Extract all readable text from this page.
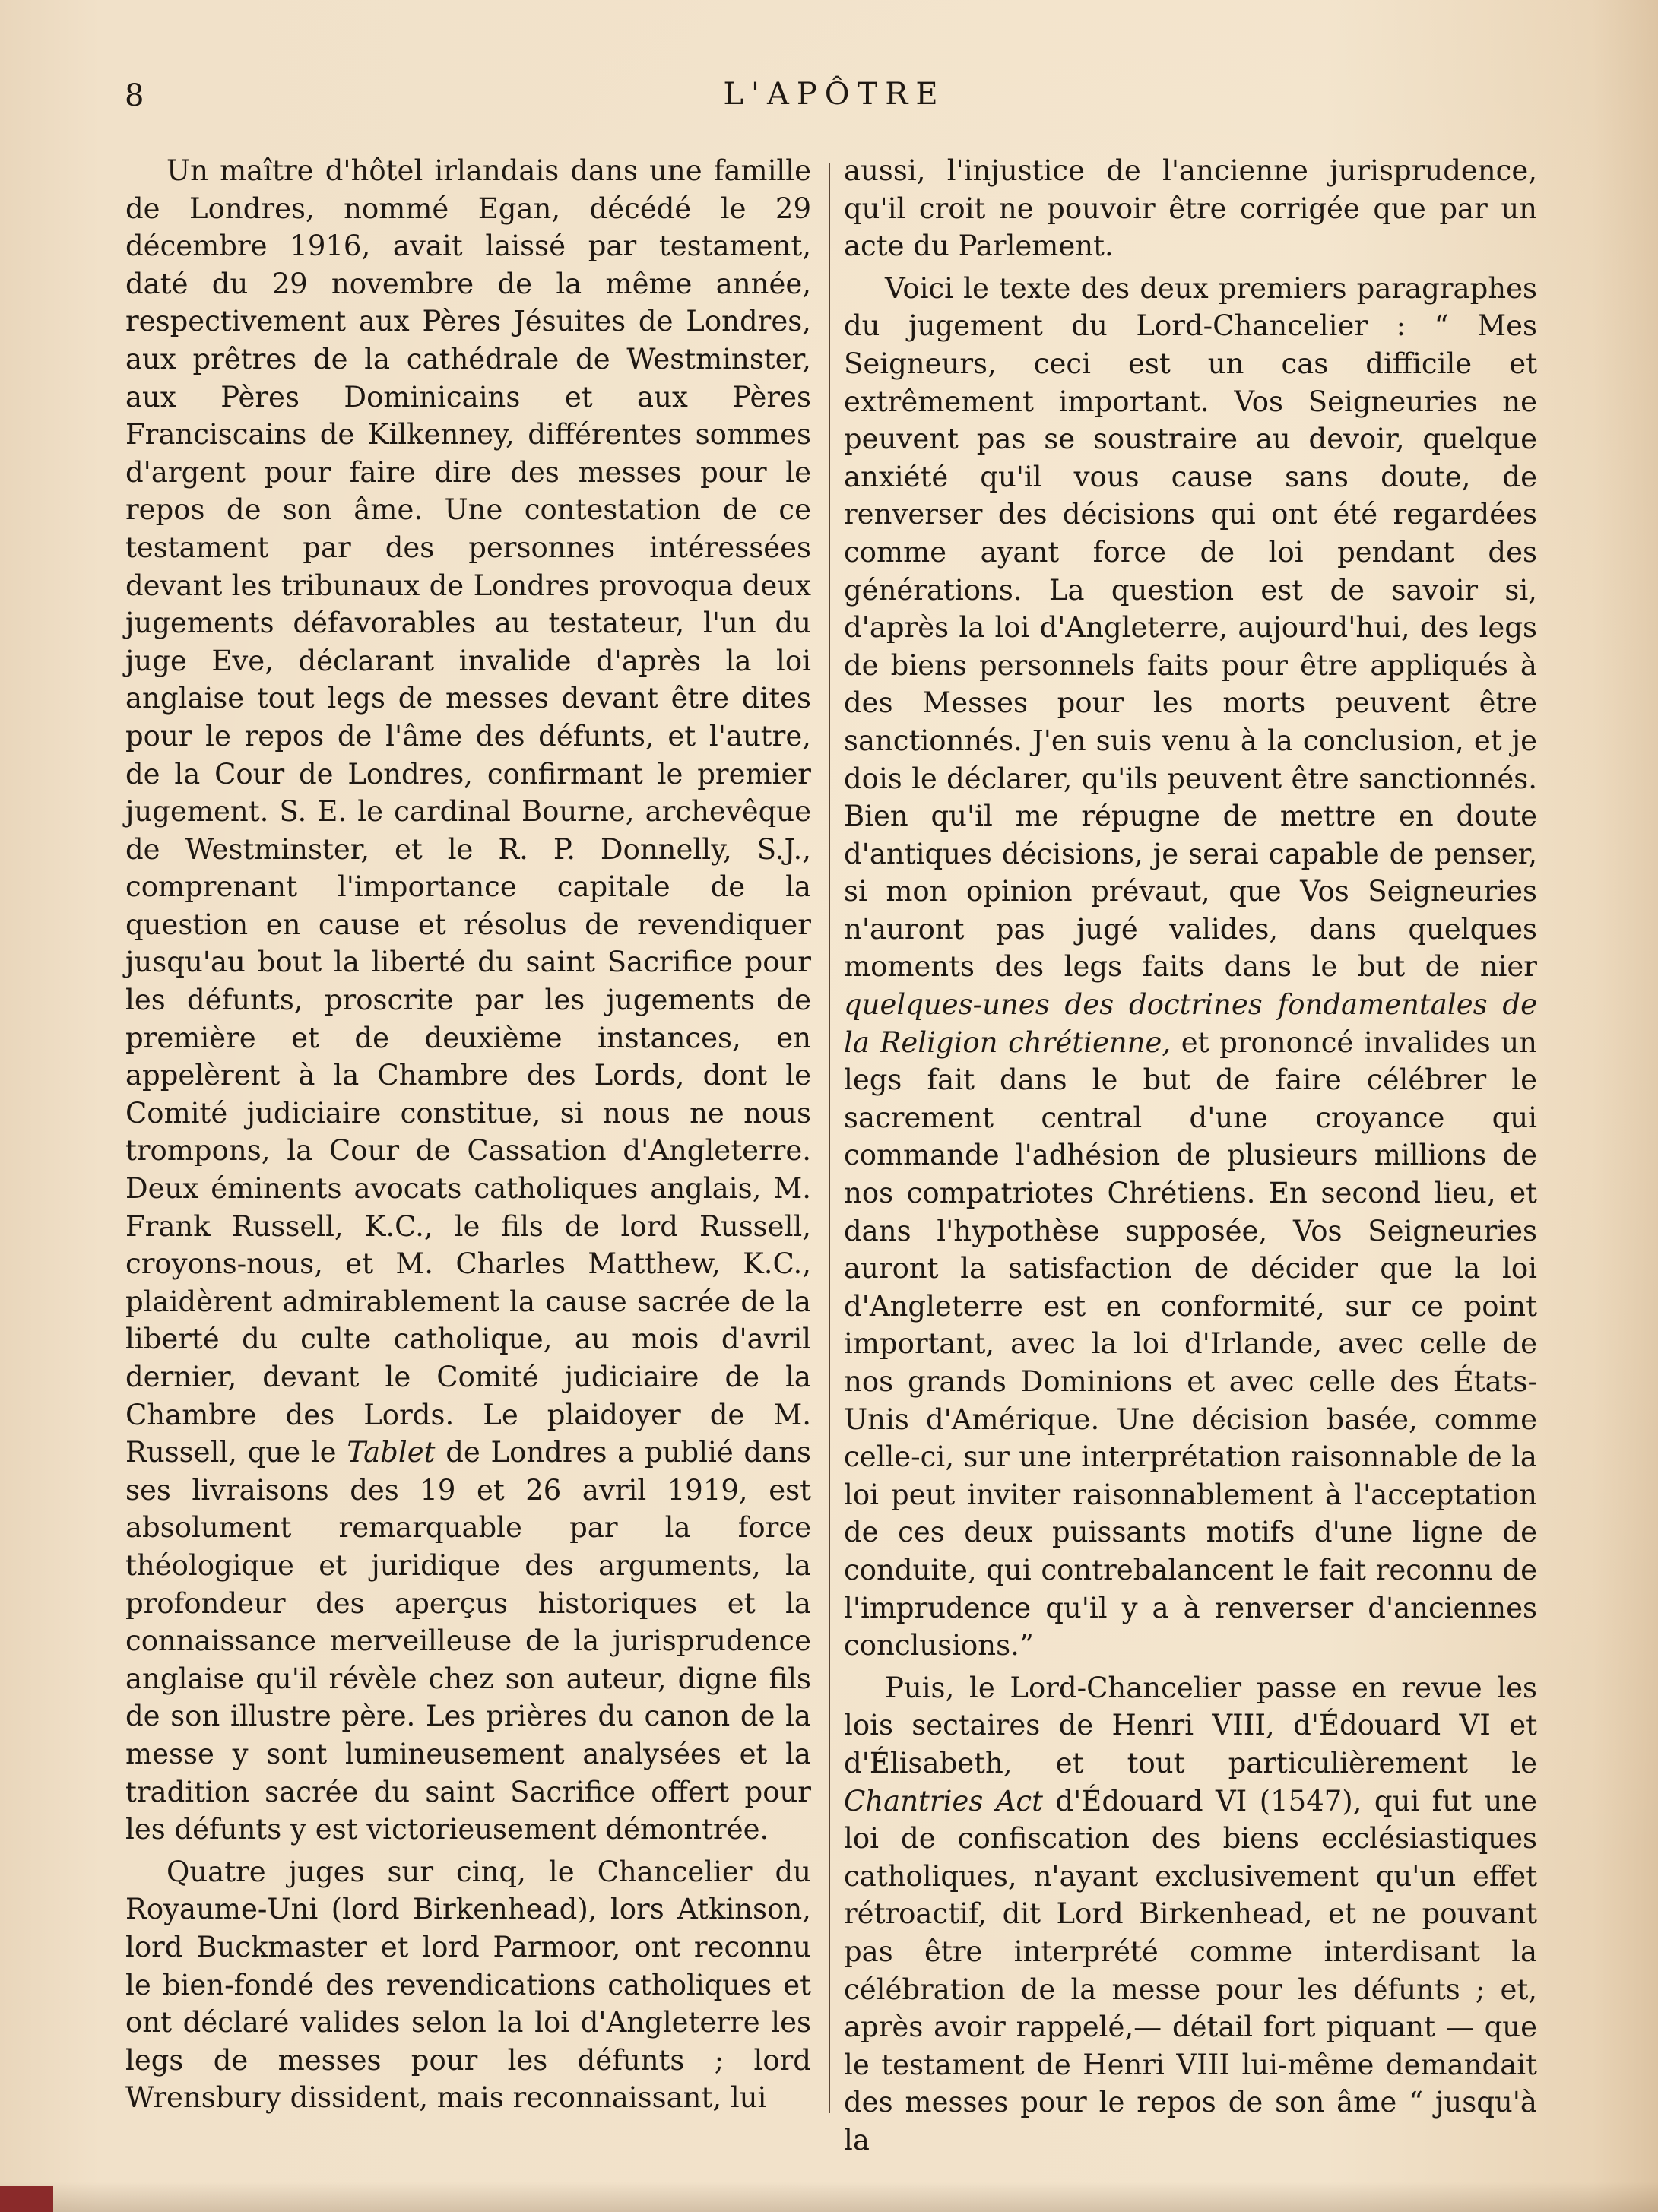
8	L'APÔTRE

Un maître d'hôtel irlandais dans une famille de Londres, nommé Egan, décédé le 29 décembre 1916, avait laissé par testament, daté du 29 novembre de la même année, respectivement aux Pères Jésuites de Londres, aux prêtres de la cathédrale de Westminster, aux Pères Dominicains et aux Pères Franciscains de Kilkenney, différentes sommes d'argent pour faire dire des messes pour le repos de son âme. Une contestation de ce testament par des personnes intéressées devant les tribunaux de Londres provoqua deux jugements défavorables au testateur, l'un du juge Eve, déclarant invalide d'après la loi anglaise tout legs de messes devant être dites pour le repos de l'âme des défunts, et l'autre, de la Cour de Londres, confirmant le premier jugement. S. E. le cardinal Bourne, archevêque de Westminster, et le R. P. Donnelly, S.J., comprenant l'importance capitale de la question en cause et résolus de revendiquer jusqu'au bout la liberté du saint Sacrifice pour les défunts, proscrite par les jugements de première et de deuxième instances, en appelèrent à la Chambre des Lords, dont le Comité judiciaire constitue, si nous ne nous trompons, la Cour de Cassation d'Angleterre. Deux éminents avocats catholiques anglais, M. Frank Russell, K.C., le fils de lord Russell, croyons-nous, et M. Charles Matthew, K.C., plaidèrent admirablement la cause sacrée de la liberté du culte catholique, au mois d'avril dernier, devant le Comité judiciaire de la Chambre des Lords. Le plaidoyer de M. Russell, que le Tablet de Londres a publié dans ses livraisons des 19 et 26 avril 1919, est absolument remarquable par la force théologique et juridique des arguments, la profondeur des aperçus historiques et la connaissance merveilleuse de la jurisprudence anglaise qu'il révèle chez son auteur, digne fils de son illustre père. Les prières du canon de la messe y sont lumineusement analysées et la tradition sacrée du saint Sacrifice offert pour les défunts y est victorieusement démontrée.

Quatre juges sur cinq, le Chancelier du Royaume-Uni (lord Birkenhead), lors Atkinson, lord Buckmaster et lord Parmoor, ont reconnu le bien-fondé des revendications catholiques et ont déclaré valides selon la loi d'Angleterre les legs de messes pour les défunts ; lord Wrensbury dissident, mais reconnaissant, lui

aussi, l'injustice de l'ancienne jurisprudence, qu'il croit ne pouvoir être corrigée que par un acte du Parlement.

Voici le texte des deux premiers paragraphes du jugement du Lord-Chancelier : “ Mes Seigneurs, ceci est un cas difficile et extrêmement important. Vos Seigneuries ne peuvent pas se soustraire au devoir, quelque anxiété qu'il vous cause sans doute, de renverser des décisions qui ont été regardées comme ayant force de loi pendant des générations. La question est de savoir si, d'après la loi d'Angleterre, aujourd'hui, des legs de biens personnels faits pour être appliqués à des Messes pour les morts peuvent être sanctionnés. J'en suis venu à la conclusion, et je dois le déclarer, qu'ils peuvent être sanctionnés. Bien qu'il me répugne de mettre en doute d'antiques décisions, je serai capable de penser, si mon opinion prévaut, que Vos Seigneuries n'auront pas jugé valides, dans quelques moments des legs faits dans le but de nier quelques-unes des doctrines fondamentales de la Religion chrétienne, et prononcé invalides un legs fait dans le but de faire célébrer le sacrement central d'une croyance qui commande l'adhésion de plusieurs millions de nos compatriotes Chrétiens. En second lieu, et dans l'hypothèse supposée, Vos Seigneuries auront la satisfaction de décider que la loi d'Angleterre est en conformité, sur ce point important, avec la loi d'Irlande, avec celle de nos grands Dominions et avec celle des États-Unis d'Amérique. Une décision basée, comme celle-ci, sur une interprétation raisonnable de la loi peut inviter raisonnablement à l'acceptation de ces deux puissants motifs d'une ligne de conduite, qui contrebalancent le fait reconnu de l'imprudence qu'il y a à renverser d'anciennes conclusions.”

Puis, le Lord-Chancelier passe en revue les lois sectaires de Henri VIII, d'Édouard VI et d'Élisabeth, et tout particulièrement le Chantries Act d'Édouard VI (1547), qui fut une loi de confiscation des biens ecclésiastiques catholiques, n'ayant exclusivement qu'un effet rétroactif, dit Lord Birkenhead, et ne pouvant pas être interprété comme interdisant la célébration de la messe pour les défunts ; et, après avoir rappelé,— détail fort piquant — que le testament de Henri VIII lui-même demandait des messes pour le repos de son âme “ jusqu'à la
